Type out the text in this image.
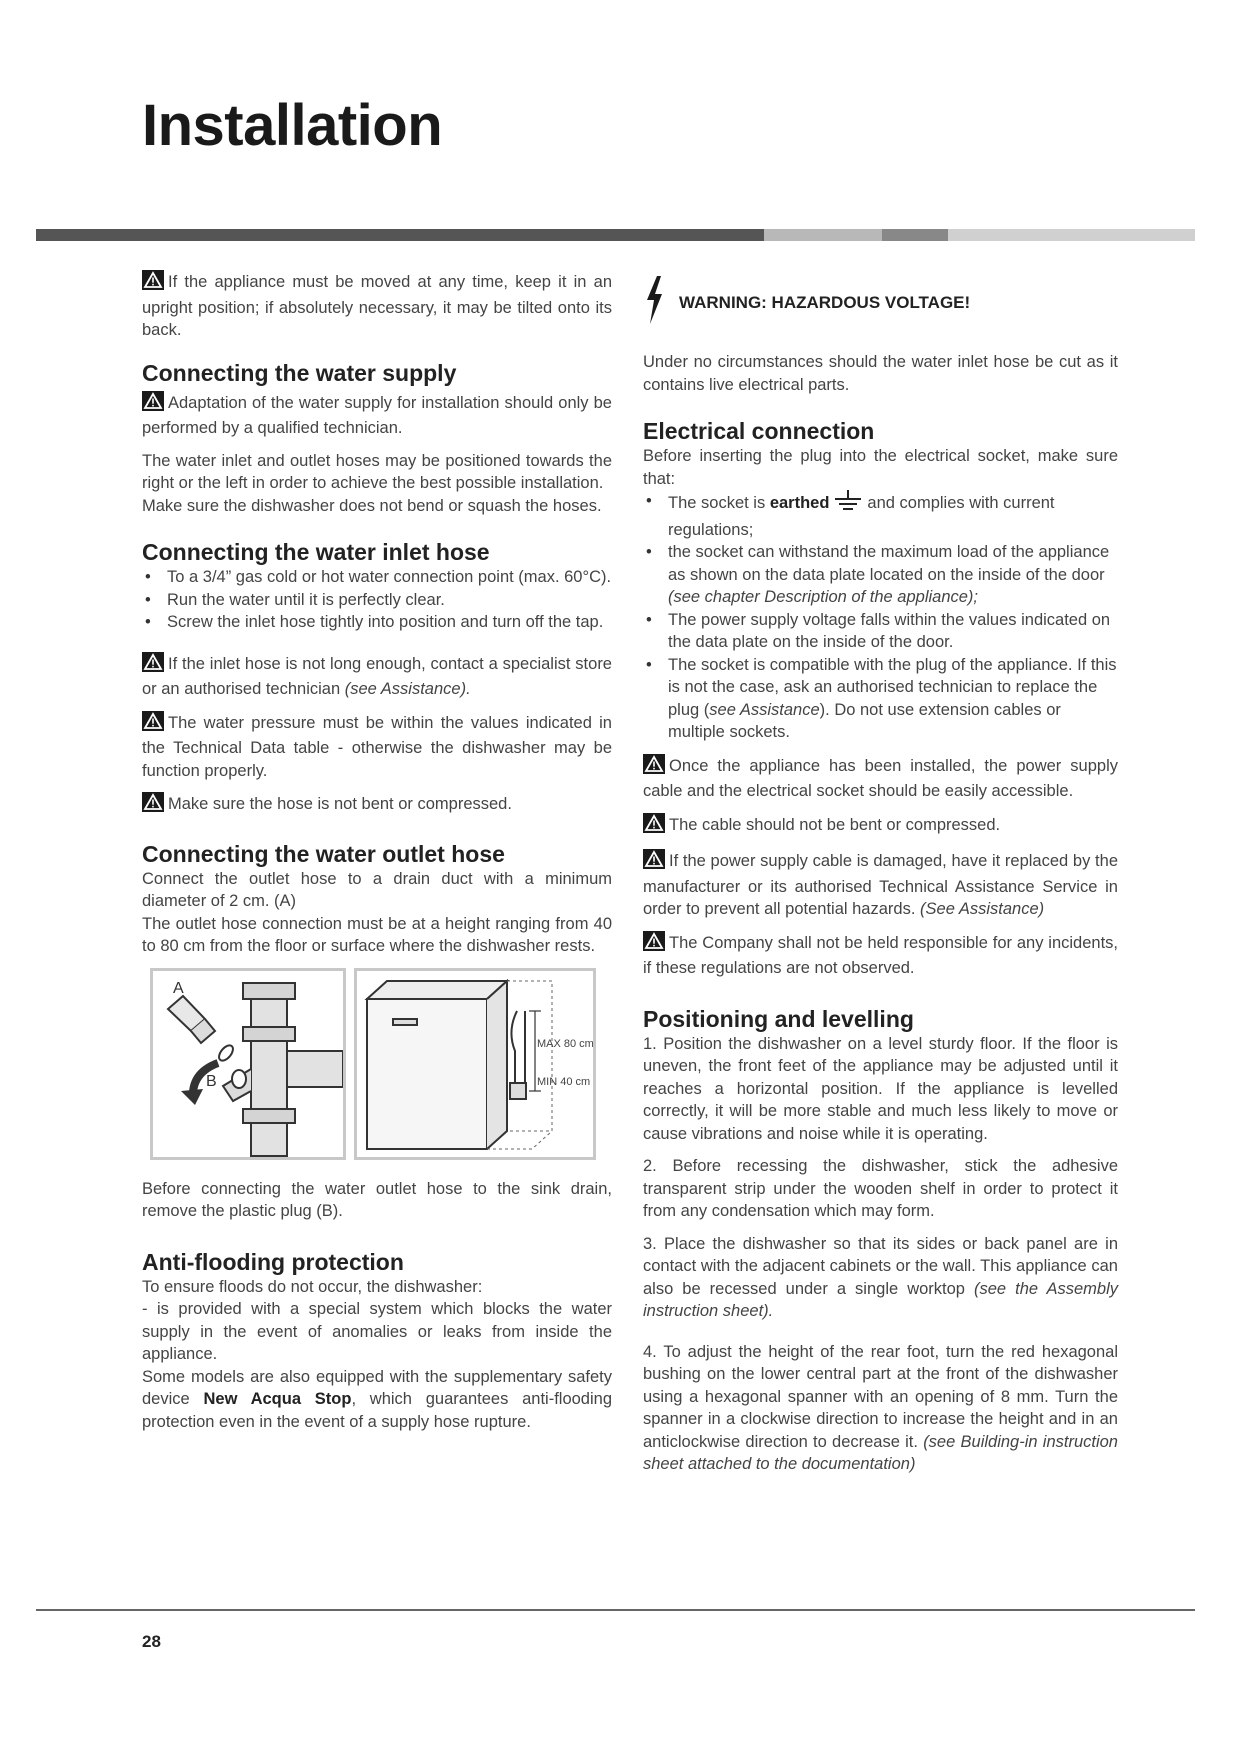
Installation

If the appliance must be moved at any time, keep it in an upright position; if absolutely necessary, it may be tilted onto its back.

Connecting the water supply

Adaptation of the water supply for installation should only be performed by a qualified technician.

The water inlet and outlet hoses may be positioned towards the right or the left in order to achieve the best possible installation.

Make sure the dishwasher does not bend or squash the hoses.

Connecting the water inlet hose
• To a 3/4” gas cold or hot water connection point (max. 60°C).
• Run the water until it is perfectly clear.
• Screw the inlet hose tightly into position and turn off the tap.

If the inlet hose is not long enough, contact a specialist store or an authorised technician (see Assistance).

The water pressure must be within the values indicated in the Technical Data table - otherwise the dishwasher may be function properly.

Make sure the hose is not bent or compressed.

Connecting the water outlet hose

Connect the outlet hose to a drain duct with a minimum diameter of 2 cm. (A)

The outlet hose connection must be at a height ranging from 40 to 80 cm from the floor or surface where the dishwasher rests.

A
B
MAX 80 cm
MIN 40 cm

Before connecting the water outlet hose to the sink drain, remove the plastic plug (B).

Anti-flooding protection

To ensure floods do not occur, the dishwasher:

- is provided with a special system which blocks the water supply in the event of anomalies or leaks from inside the appliance.

Some models are also equipped with the supplementary safety device New Acqua Stop, which guarantees anti-flooding protection even in the event of a supply hose rupture.

WARNING: HAZARDOUS VOLTAGE!

Under no circumstances should the water inlet hose be cut as it contains live electrical parts.

Electrical connection

Before inserting the plug into the electrical socket, make sure that:

• The socket is earthed and complies with current regulations;
• the socket can withstand the maximum load of the appliance as shown on the data plate located on the inside of the door

(see chapter Description of the appliance);

• The power supply voltage falls within the values indicated on the data plate on the inside of the door.
• The socket is compatible with the plug of the appliance. If this is not the case, ask an authorised technician to replace the plug (see Assistance). Do not use extension cables or multiple sockets.

Once the appliance has been installed, the power supply cable and the electrical socket should be easily accessible.

The cable should not be bent or compressed.

If the power supply cable is damaged, have it replaced by the manufacturer or its authorised Technical Assistance Service in order to prevent all potential hazards. (See Assistance)

The Company shall not be held responsible for any incidents, if these regulations are not observed.

Positioning and levelling

1. Position the dishwasher on a level sturdy floor. If the floor is uneven, the front feet of the appliance may be adjusted until it reaches a horizontal position. If the appliance is levelled correctly, it will be more stable and much less likely to move or cause vibrations and noise while it is operating.

2. Before recessing the dishwasher, stick the adhesive transparent strip under the wooden shelf in order to protect it from any condensation which may form.

3. Place the dishwasher so that its sides or back panel are in contact with the adjacent cabinets or the wall. This appliance can also be recessed under a single worktop (see the Assembly instruction sheet).

4. To adjust the height of the rear foot, turn the red hexagonal bushing on the lower central part at the front of the dishwasher using a hexagonal spanner with an opening of 8 mm. Turn the spanner in a clockwise direction to increase the height and in an anticlockwise direction to decrease it. (see Building-in instruction sheet attached to the documentation)

28
